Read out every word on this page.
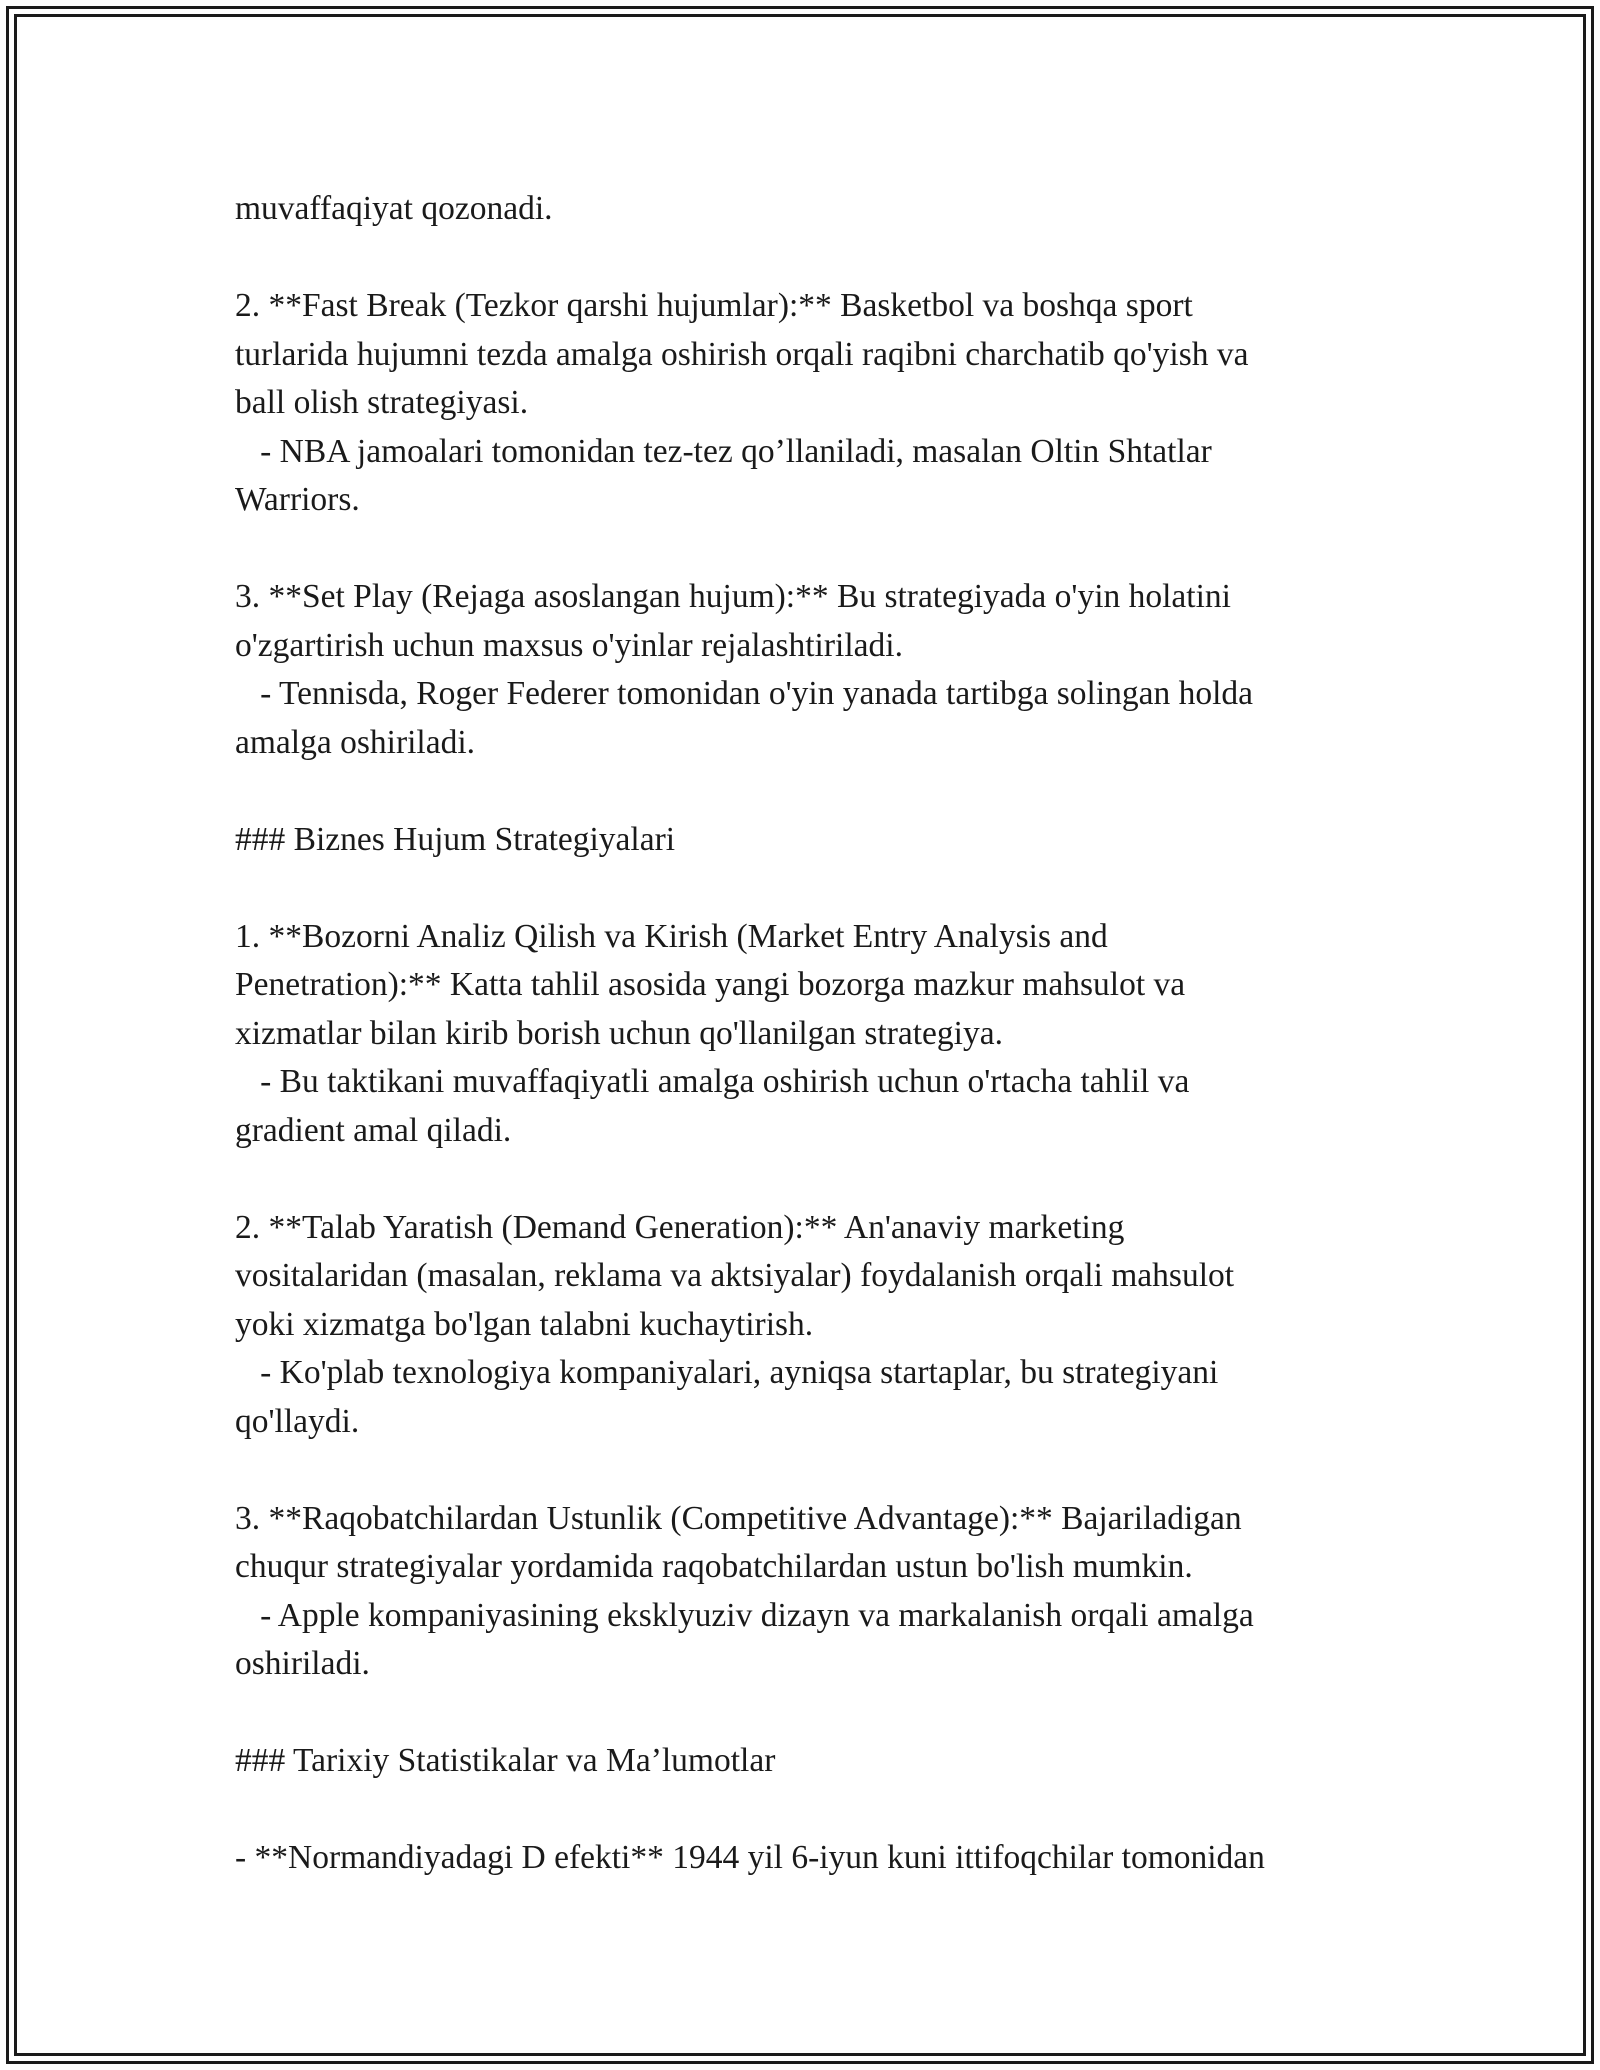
muvaffaqiyat qozonadi.

2. **Fast Break (Tezkor qarshi hujumlar):** Basketbol va boshqa sport

turlarida hujumni tezda amalga oshirish orqali raqibni charchatib qo'yish va

ball olish strategiyasi.

- NBA jamoalari tomonidan tez-tez qo’llaniladi, masalan Oltin Shtatlar

Warriors.

3. **Set Play (Rejaga asoslangan hujum):** Bu strategiyada o'yin holatini

o'zgartirish uchun maxsus o'yinlar rejalashtiriladi.

- Tennisda, Roger Federer tomonidan o'yin yanada tartibga solingan holda

amalga oshiriladi.

### Biznes Hujum Strategiyalari

1. **Bozorni Analiz Qilish va Kirish (Market Entry Analysis and

Penetration):** Katta tahlil asosida yangi bozorga mazkur mahsulot va

xizmatlar bilan kirib borish uchun qo'llanilgan strategiya.

- Bu taktikani muvaffaqiyatli amalga oshirish uchun o'rtacha tahlil va

gradient amal qiladi.

2. **Talab Yaratish (Demand Generation):** An'anaviy marketing

vositalaridan (masalan, reklama va aktsiyalar) foydalanish orqali mahsulot

yoki xizmatga bo'lgan talabni kuchaytirish.

- Ko'plab texnologiya kompaniyalari, ayniqsa startaplar, bu strategiyani

qo'llaydi.

3. **Raqobatchilardan Ustunlik (Competitive Advantage):** Bajariladigan

chuqur strategiyalar yordamida raqobatchilardan ustun bo'lish mumkin.

- Apple kompaniyasining eksklyuziv dizayn va markalanish orqali amalga

oshiriladi.

### Tarixiy Statistikalar va Ma’lumotlar

- **Normandiyadagi D efekti** 1944 yil 6-iyun kuni ittifoqchilar tomonidan
